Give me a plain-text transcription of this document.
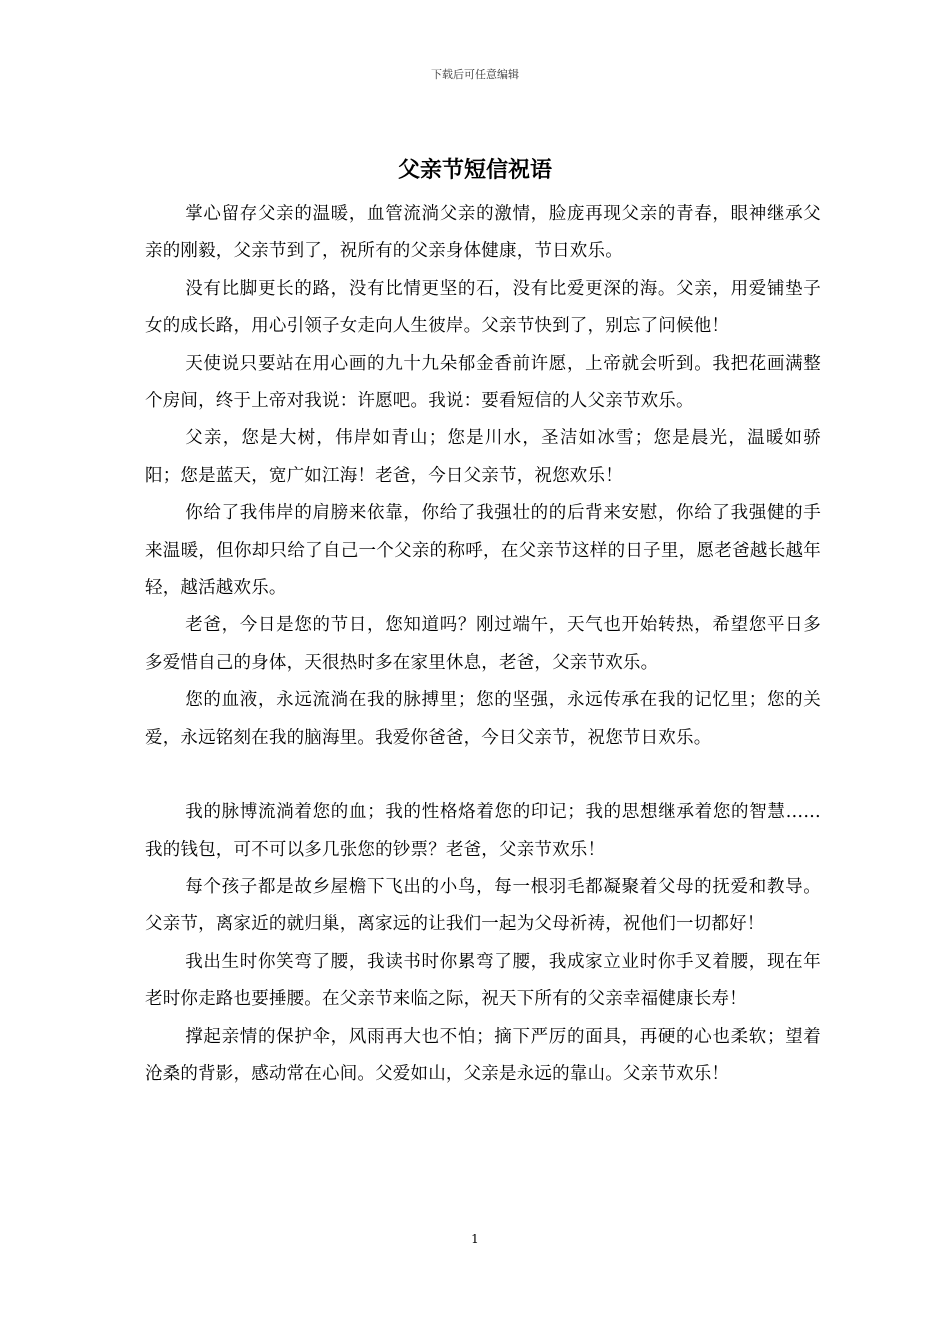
下载后可任意编辑
父亲节短信祝语

掌心留存父亲的温暖，血管流淌父亲的激情，脸庞再现父亲的青春，眼神继承父亲的刚毅，父亲节到了，祝所有的父亲身体健康，节日欢乐。

没有比脚更长的路，没有比情更坚的石，没有比爱更深的海。父亲，用爱铺垫子女的成长路，用心引领子女走向人生彼岸。父亲节快到了，别忘了问候他！

天使说只要站在用心画的九十九朵郁金香前许愿，上帝就会听到。我把花画满整个房间，终于上帝对我说：许愿吧。我说：要看短信的人父亲节欢乐。

父亲，您是大树，伟岸如青山；您是川水，圣洁如冰雪；您是晨光，温暖如骄阳；您是蓝天，宽广如江海！老爸，今日父亲节，祝您欢乐！

你给了我伟岸的肩膀来依靠，你给了我强壮的的后背来安慰，你给了我强健的手来温暖，但你却只给了自己一个父亲的称呼，在父亲节这样的日子里，愿老爸越长越年轻，越活越欢乐。

老爸，今日是您的节日，您知道吗？刚过端午，天气也开始转热，希望您平日多多爱惜自己的身体，天很热时多在家里休息，老爸，父亲节欢乐。

您的血液，永远流淌在我的脉搏里；您的坚强，永远传承在我的记忆里；您的关爱，永远铭刻在我的脑海里。我爱你爸爸，今日父亲节，祝您节日欢乐。

我的脉博流淌着您的血；我的性格烙着您的印记；我的思想继承着您的智慧……我的钱包，可不可以多几张您的钞票？老爸，父亲节欢乐！

每个孩子都是故乡屋檐下飞出的小鸟，每一根羽毛都凝聚着父母的抚爱和教导。父亲节，离家近的就归巢，离家远的让我们一起为父母祈祷，祝他们一切都好！

我出生时你笑弯了腰，我读书时你累弯了腰，我成家立业时你手叉着腰，现在年老时你走路也要捶腰。在父亲节来临之际，祝天下所有的父亲幸福健康长寿！

撑起亲情的保护伞，风雨再大也不怕；摘下严厉的面具，再硬的心也柔软；望着沧桑的背影，感动常在心间。父爱如山，父亲是永远的靠山。父亲节欢乐！

1
